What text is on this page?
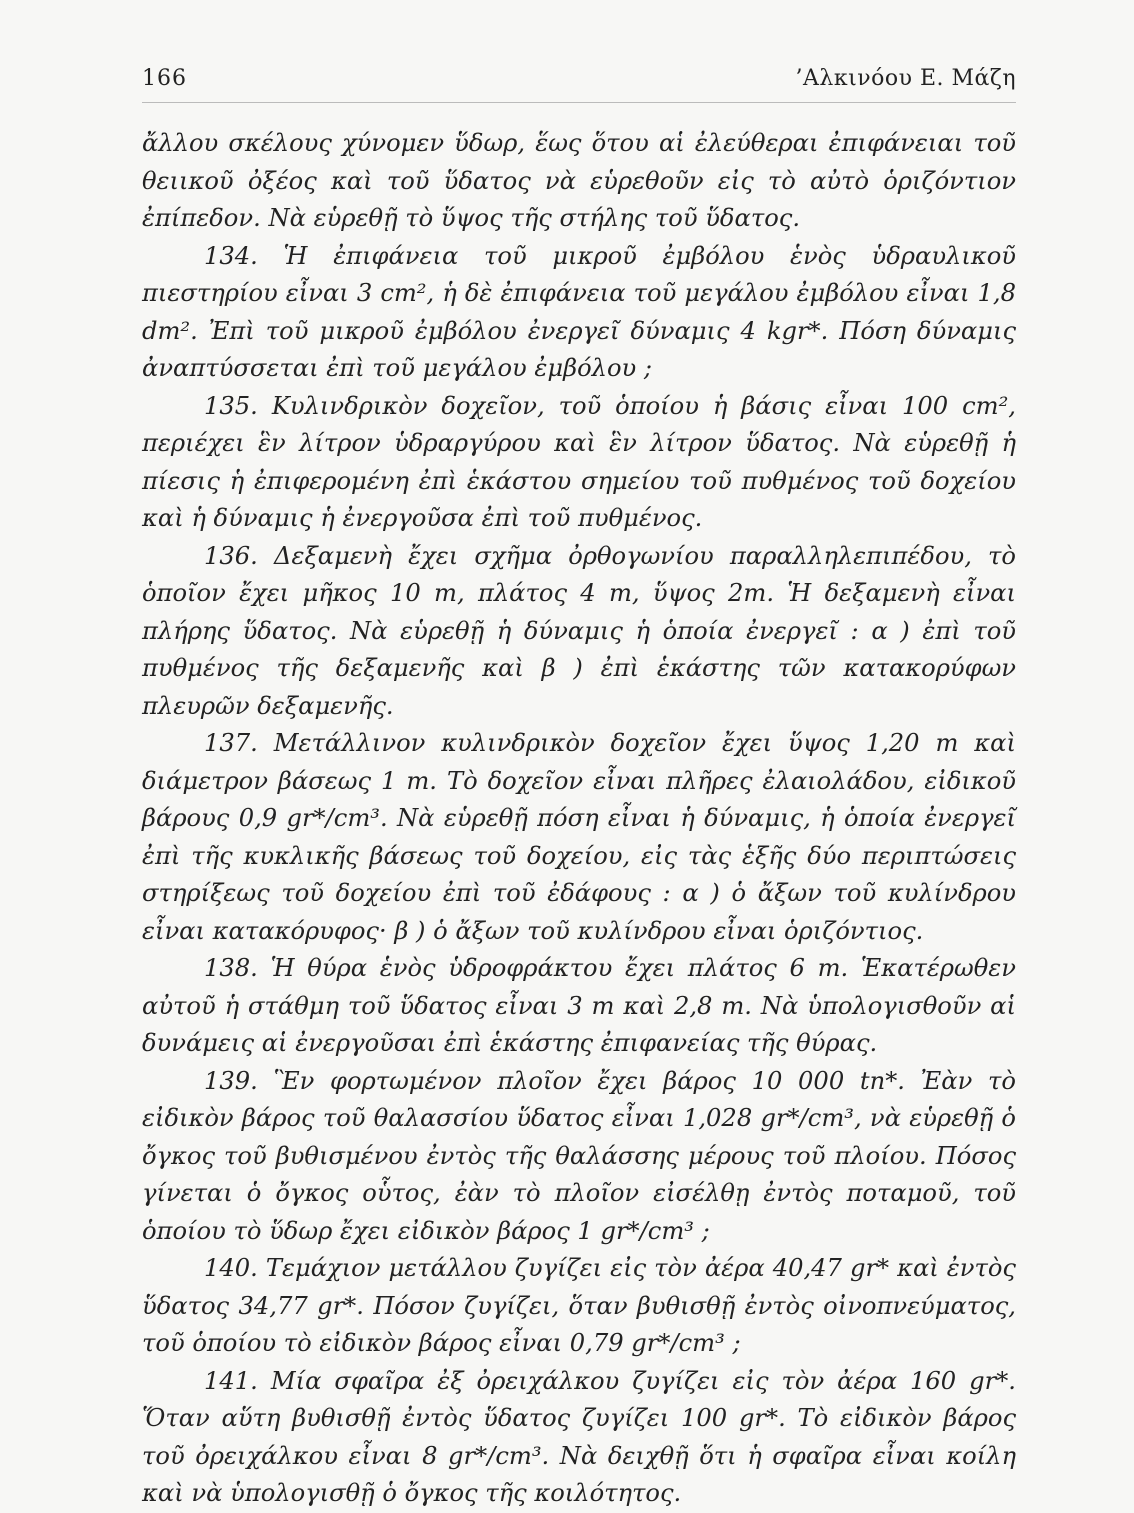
166	’Αλκινόου Ε. Μάζη

ἄλλου σκέλους χύνομεν ὕδωρ, ἕως ὅτου αἱ ἐλεύθεραι ἐπιφάνειαι τοῦ θειικοῦ ὀξέος καὶ τοῦ ὕδατος νὰ εὑρεθοῦν εἰς τὸ αὐτὸ ὁριζόντιον ἐπίπεδον. Νὰ εὑρεθῇ τὸ ὕψος τῆς στήλης τοῦ ὕδατος.

134. Ἡ ἐπιφάνεια τοῦ μικροῦ ἐμβόλου ἑνὸς ὑδραυλικοῦ πιεστηρίου εἶναι 3 cm², ἡ δὲ ἐπιφάνεια τοῦ μεγάλου ἐμβόλου εἶναι 1,8 dm². Ἐπὶ τοῦ μικροῦ ἐμβόλου ἐνεργεῖ δύναμις 4 kgr*. Πόση δύναμις ἀναπτύσσεται ἐπὶ τοῦ μεγάλου ἐμβόλου ;

135. Κυλινδρικὸν δοχεῖον, τοῦ ὁποίου ἡ βάσις εἶναι 100 cm², περιέχει ἓν λίτρον ὑδραργύρου καὶ ἓν λίτρον ὕδατος. Νὰ εὑρεθῇ ἡ πίεσις ἡ ἐπιφερομένη ἐπὶ ἑκάστου σημείου τοῦ πυθμένος τοῦ δοχείου καὶ ἡ δύναμις ἡ ἐνεργοῦσα ἐπὶ τοῦ πυθμένος.

136. Δεξαμενὴ ἔχει σχῆμα ὀρθογωνίου παραλληλεπιπέδου, τὸ ὁποῖον ἔχει μῆκος 10 m, πλάτος 4 m, ὕψος 2m. Ἡ δεξαμενὴ εἶναι πλήρης ὕδατος. Νὰ εὑρεθῇ ἡ δύναμις ἡ ὁποία ἐνεργεῖ : α ) ἐπὶ τοῦ πυθμένος τῆς δεξαμενῆς καὶ β ) ἐπὶ ἑκάστης τῶν κατακορύφων πλευρῶν δεξαμενῆς.

137. Μετάλλινον κυλινδρικὸν δοχεῖον ἔχει ὕψος 1,20 m καὶ διάμετρον βάσεως 1 m. Τὸ δοχεῖον εἶναι πλῆρες ἐλαιολάδου, εἰδικοῦ βάρους 0,9 gr*/cm³. Νὰ εὑρεθῇ πόση εἶναι ἡ δύναμις, ἡ ὁποία ἐνεργεῖ ἐπὶ τῆς κυκλικῆς βάσεως τοῦ δοχείου, εἰς τὰς ἑξῆς δύο περιπτώσεις στηρίξεως τοῦ δοχείου ἐπὶ τοῦ ἐδάφους : α ) ὁ ἄξων τοῦ κυλίνδρου εἶναι κατακόρυφος· β ) ὁ ἄξων τοῦ κυλίνδρου εἶναι ὁριζόντιος.

138. Ἡ θύρα ἑνὸς ὑδροφράκτου ἔχει πλάτος 6 m. Ἑκατέρωθεν αὐτοῦ ἡ στάθμη τοῦ ὕδατος εἶναι 3 m καὶ 2,8 m. Νὰ ὑπολογισθοῦν αἱ δυνάμεις αἱ ἐνεργοῦσαι ἐπὶ ἑκάστης ἐπιφανείας τῆς θύρας.

139. Ἓν φορτωμένον πλοῖον ἔχει βάρος 10 000 tn*. Ἐὰν τὸ εἰδικὸν βάρος τοῦ θαλασσίου ὕδατος εἶναι 1,028 gr*/cm³, νὰ εὑρεθῇ ὁ ὄγκος τοῦ βυθισμένου ἐντὸς τῆς θαλάσσης μέρους τοῦ πλοίου. Πόσος γίνεται ὁ ὄγκος οὗτος, ἐὰν τὸ πλοῖον εἰσέλθῃ ἐντὸς ποταμοῦ, τοῦ ὁποίου τὸ ὕδωρ ἔχει εἰδικὸν βάρος 1 gr*/cm³ ;

140. Τεμάχιον μετάλλου ζυγίζει εἰς τὸν ἀέρα 40,47 gr* καὶ ἐντὸς ὕδατος 34,77 gr*. Πόσον ζυγίζει, ὅταν βυθισθῇ ἐντὸς οἰνοπνεύματος, τοῦ ὁποίου τὸ εἰδικὸν βάρος εἶναι 0,79 gr*/cm³ ;

141. Μία σφαῖρα ἐξ ὀρειχάλκου ζυγίζει εἰς τὸν ἀέρα 160 gr*. Ὅταν αὕτη βυθισθῇ ἐντὸς ὕδατος ζυγίζει 100 gr*. Τὸ εἰδικὸν βάρος τοῦ ὀρειχάλκου εἶναι 8 gr*/cm³. Νὰ δειχθῇ ὅτι ἡ σφαῖρα εἶναι κοίλη καὶ νὰ ὑπολογισθῇ ὁ ὄγκος τῆς κοιλότητος.
